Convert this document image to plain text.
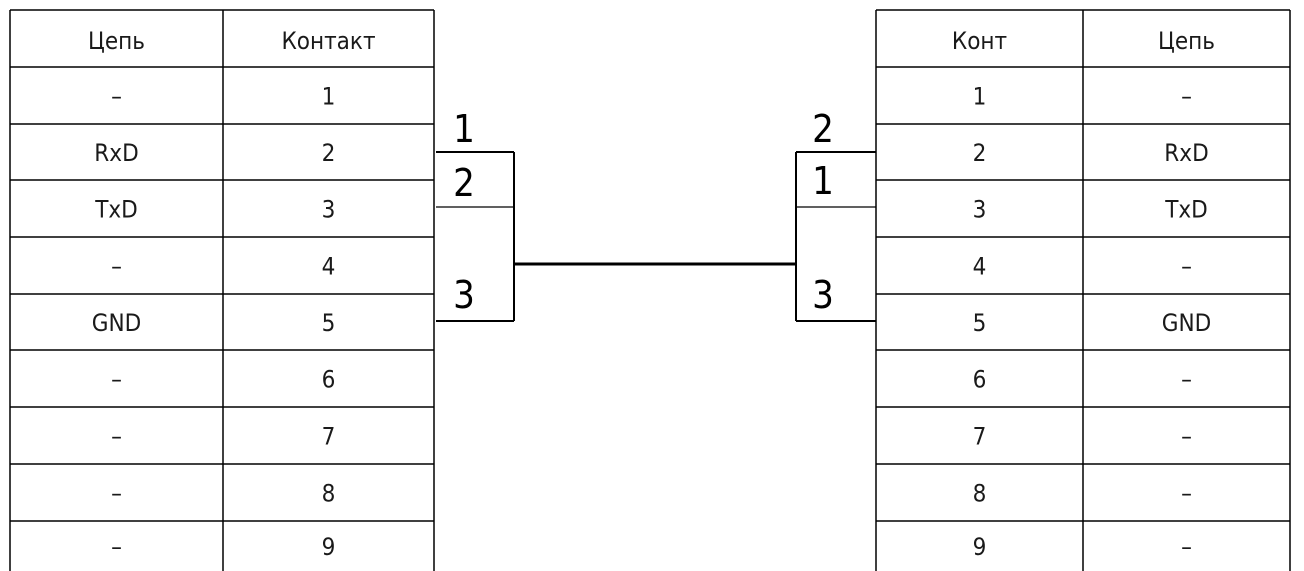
Цепь	Контакт
–	1
RxD	2
TxD	3
–	4
GND	5
–	6
–	7
–	8
–	9
Конт	Цепь
1	–
2	RxD
3	TxD
4	–
5	GND
6	–
7	–
8	–
9	–
1
2
3
2
1
3
